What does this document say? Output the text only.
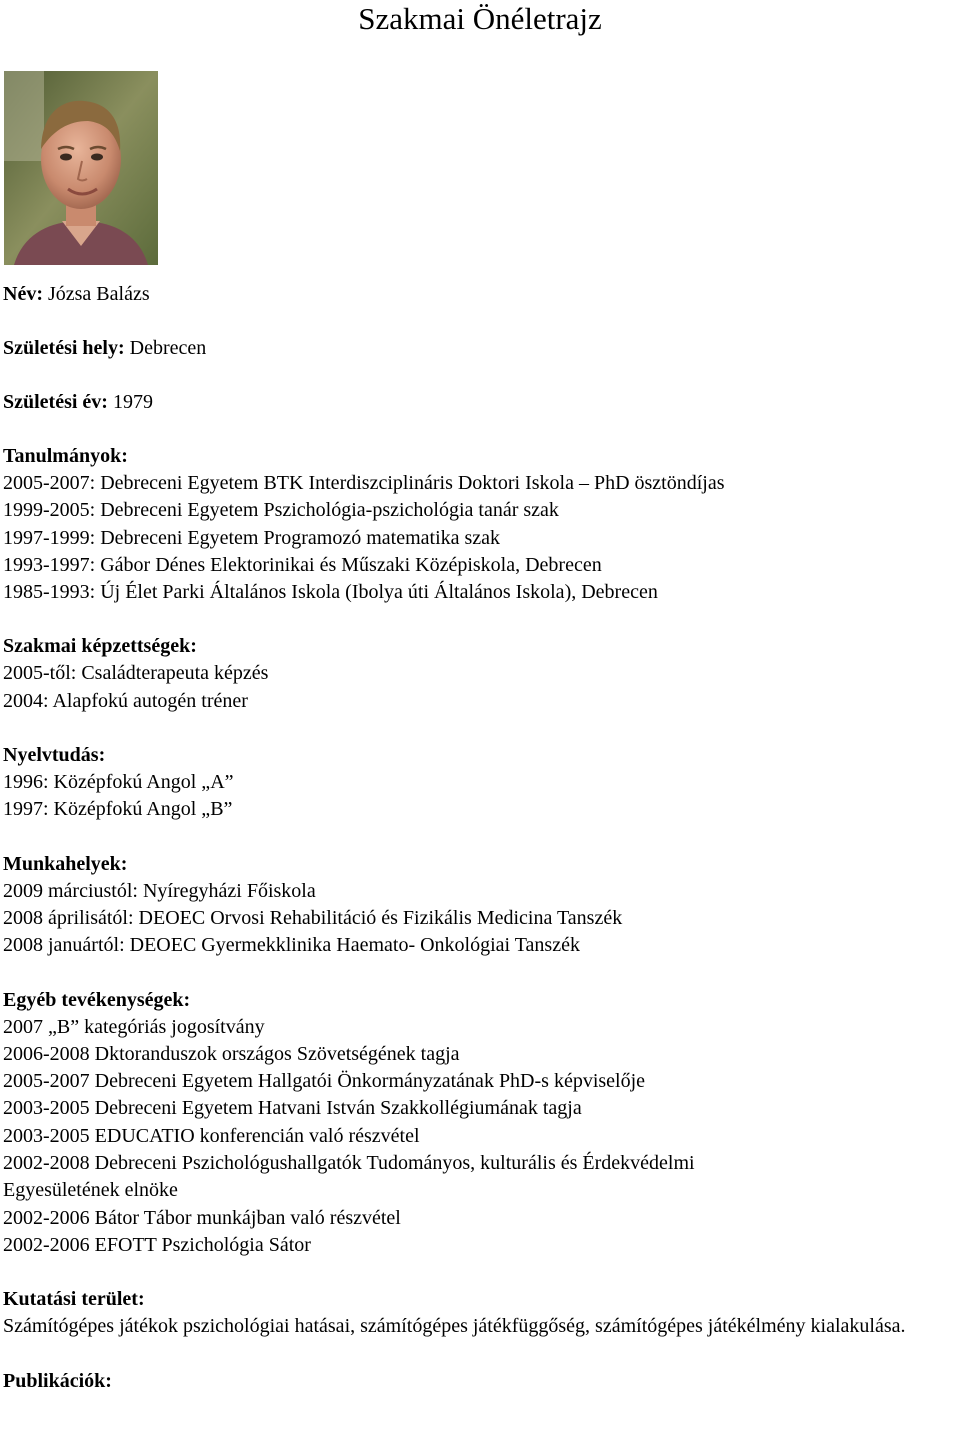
Szakmai Önéletrajz
Név: Józsa Balázs
Születési hely: Debrecen
Születési év: 1979
Tanulmányok:
2005-2007: Debreceni Egyetem BTK Interdiszciplináris Doktori Iskola – PhD ösztöndíjas
1999-2005: Debreceni Egyetem Pszichológia-pszichológia tanár szak
1997-1999: Debreceni Egyetem Programozó matematika szak
1993-1997: Gábor Dénes Elektorinikai és Műszaki Középiskola, Debrecen
1985-1993: Új Élet Parki Általános Iskola (Ibolya úti Általános Iskola), Debrecen
Szakmai képzettségek:
2005-től: Családterapeuta képzés
2004: Alapfokú autogén tréner
Nyelvtudás:
1996: Középfokú Angol „A”
1997: Középfokú Angol „B”
Munkahelyek:
2009 márciustól: Nyíregyházi Főiskola
2008 áprilisától: DEOEC Orvosi Rehabilitáció és Fizikális Medicina Tanszék
2008 januártól: DEOEC Gyermekklinika Haemato- Onkológiai Tanszék
Egyéb tevékenységek:
2007 „B” kategóriás jogosítvány
2006-2008 Dktoranduszok országos Szövetségének tagja
2005-2007 Debreceni Egyetem Hallgatói Önkormányzatának PhD-s képviselője
2003-2005 Debreceni Egyetem Hatvani István Szakkollégiumának tagja
2003-2005 EDUCATIO konferencián való részvétel
2002-2008 Debreceni Pszichológushallgatók Tudományos, kulturális és Érdekvédelmi
Egyesületének elnöke
2002-2006 Bátor Tábor munkájban való részvétel
2002-2006 EFOTT Pszichológia Sátor
Kutatási terület:
Számítógépes játékok pszichológiai hatásai, számítógépes játékfüggőség, számítógépes játékélmény kialakulása.
Publikációk:
